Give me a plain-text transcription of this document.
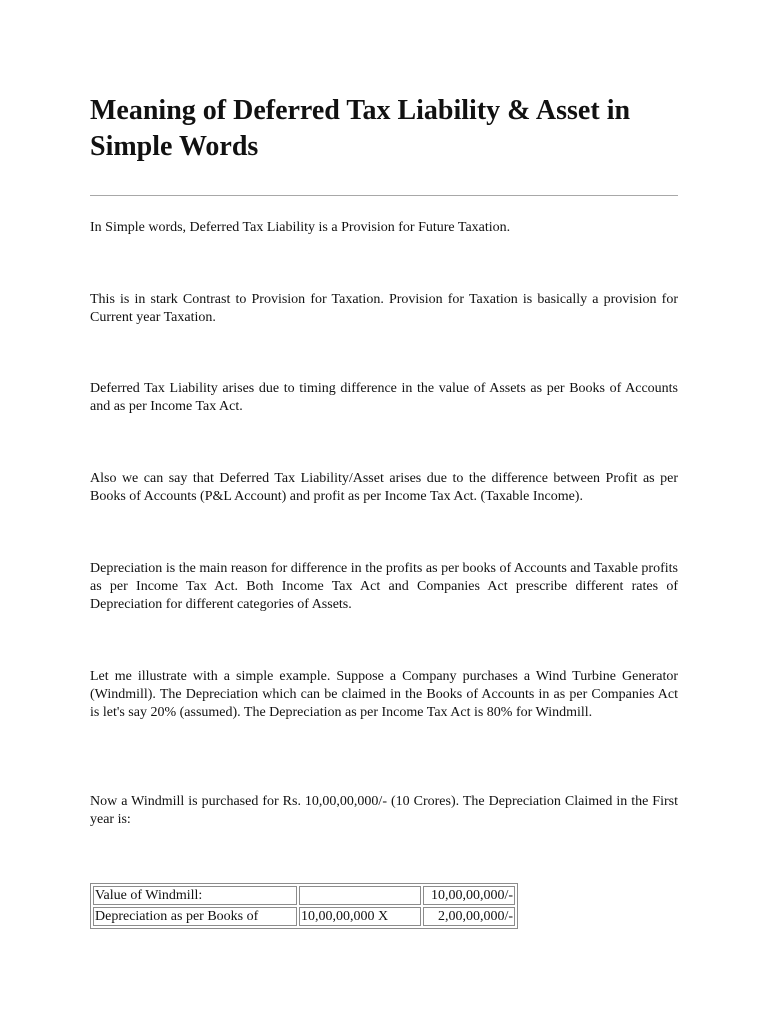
Meaning of Deferred Tax Liability & Asset in Simple Words

In Simple words, Deferred Tax Liability is a Provision for Future Taxation.

This is in stark Contrast to Provision for Taxation. Provision for Taxation is basically a provision for Current year Taxation.

Deferred Tax Liability arises due to timing difference in the value of Assets as per Books of Accounts and as per Income Tax Act.

Also we can say that Deferred Tax Liability/Asset arises due to the difference between Profit as per Books of Accounts (P&L Account) and profit as per Income Tax Act. (Taxable Income).

Depreciation is the main reason for difference in the profits as per books of Accounts and Taxable profits as per Income Tax Act. Both Income Tax Act and Companies Act prescribe different rates of Depreciation for different categories of Assets.

Let me illustrate with a simple example. Suppose a Company purchases a Wind Turbine Generator (Windmill). The Depreciation which can be claimed in the Books of Accounts in as per Companies Act is let's say 20% (assumed). The Depreciation as per Income Tax Act is 80% for Windmill.

Now a Windmill is purchased for Rs. 10,00,00,000/- (10 Crores). The Depreciation Claimed in the First year is:

Value of Windmill:		10,00,00,000/-
Depreciation as per Books of	10,00,00,000 X	2,00,00,000/-
